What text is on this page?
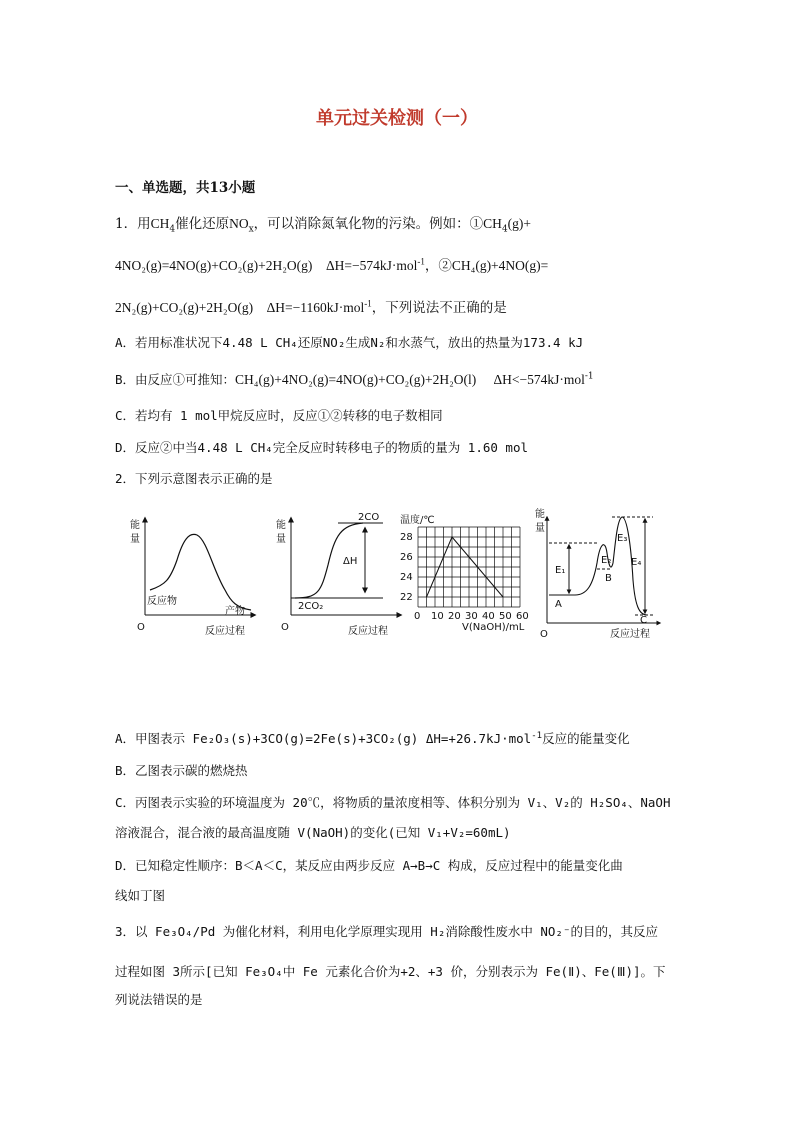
单元过关检测（一）
一、单选题，共13小题
1．用$CH_4$催化还原$NO_x$，可以消除氮氧化物的污染。例如：$①CH_4(g)+$
4NO₂(g)=4NO(g)+CO₂(g)+2H₂O(g) ΔH=−574kJ·mol$^{-1}$，②CH₄(g)+4NO(g)=
2N₂(g)+CO₂(g)+2H₂O(g) ΔH=−1160kJ·mol$^{-1}$，下列说法不正确的是
A．若用标准状况下4.48 L CH₄还原NO₂生成N₂和水蒸气，放出的热量为173.4 kJ
B．由反应①可推知：CH₄(g)+4NO₂(g)=4NO(g)+CO₂(g)+2H₂O(l) ΔH<−574kJ·mol$^{-1}$
C．若均有 1 mol甲烷反应时，反应①②转移的电子数相同
D．反应②中当4.48 L CH₄完全反应时转移电子的物质的量为 1.60 mol
2．下列示意图表示正确的是
能
量
反应物
产物
O	反应过程
能
量
2CO
2CO₂
ΔH
O	反应过程
温度/℃
22
24
26
28
0 10 20 30 40 50 60
V(NaOH)/mL
能
量
E₁
E₂
E₃
E₄
A
B
C
O	反应过程
A．甲图表示 Fe₂O₃(s)+3CO(g)=2Fe(s)+3CO₂(g) ΔH=+26.7kJ·mol$^{-1}$反应的能量变化
B．乙图表示碳的燃烧热
C．丙图表示实验的环境温度为 20℃，将物质的量浓度相等、体积分别为 V₁、V₂的 H₂SO₄、NaOH
溶液混合，混合液的最高温度随 V(NaOH)的变化(已知 V₁+V₂=60mL)
D．已知稳定性顺序：B＜A＜C，某反应由两步反应 A→B→C 构成，反应过程中的能量变化曲
线如丁图
3．以 Fe₃O₄/Pd 为催化材料，利用电化学原理实现用 H₂消除酸性废水中 NO₂⁻的目的，其反应
过程如图 3所示[已知 Fe₃O₄中 Fe 元素化合价为+2、+3 价，分别表示为 Fe(Ⅱ)、Fe(Ⅲ)]。下
列说法错误的是
